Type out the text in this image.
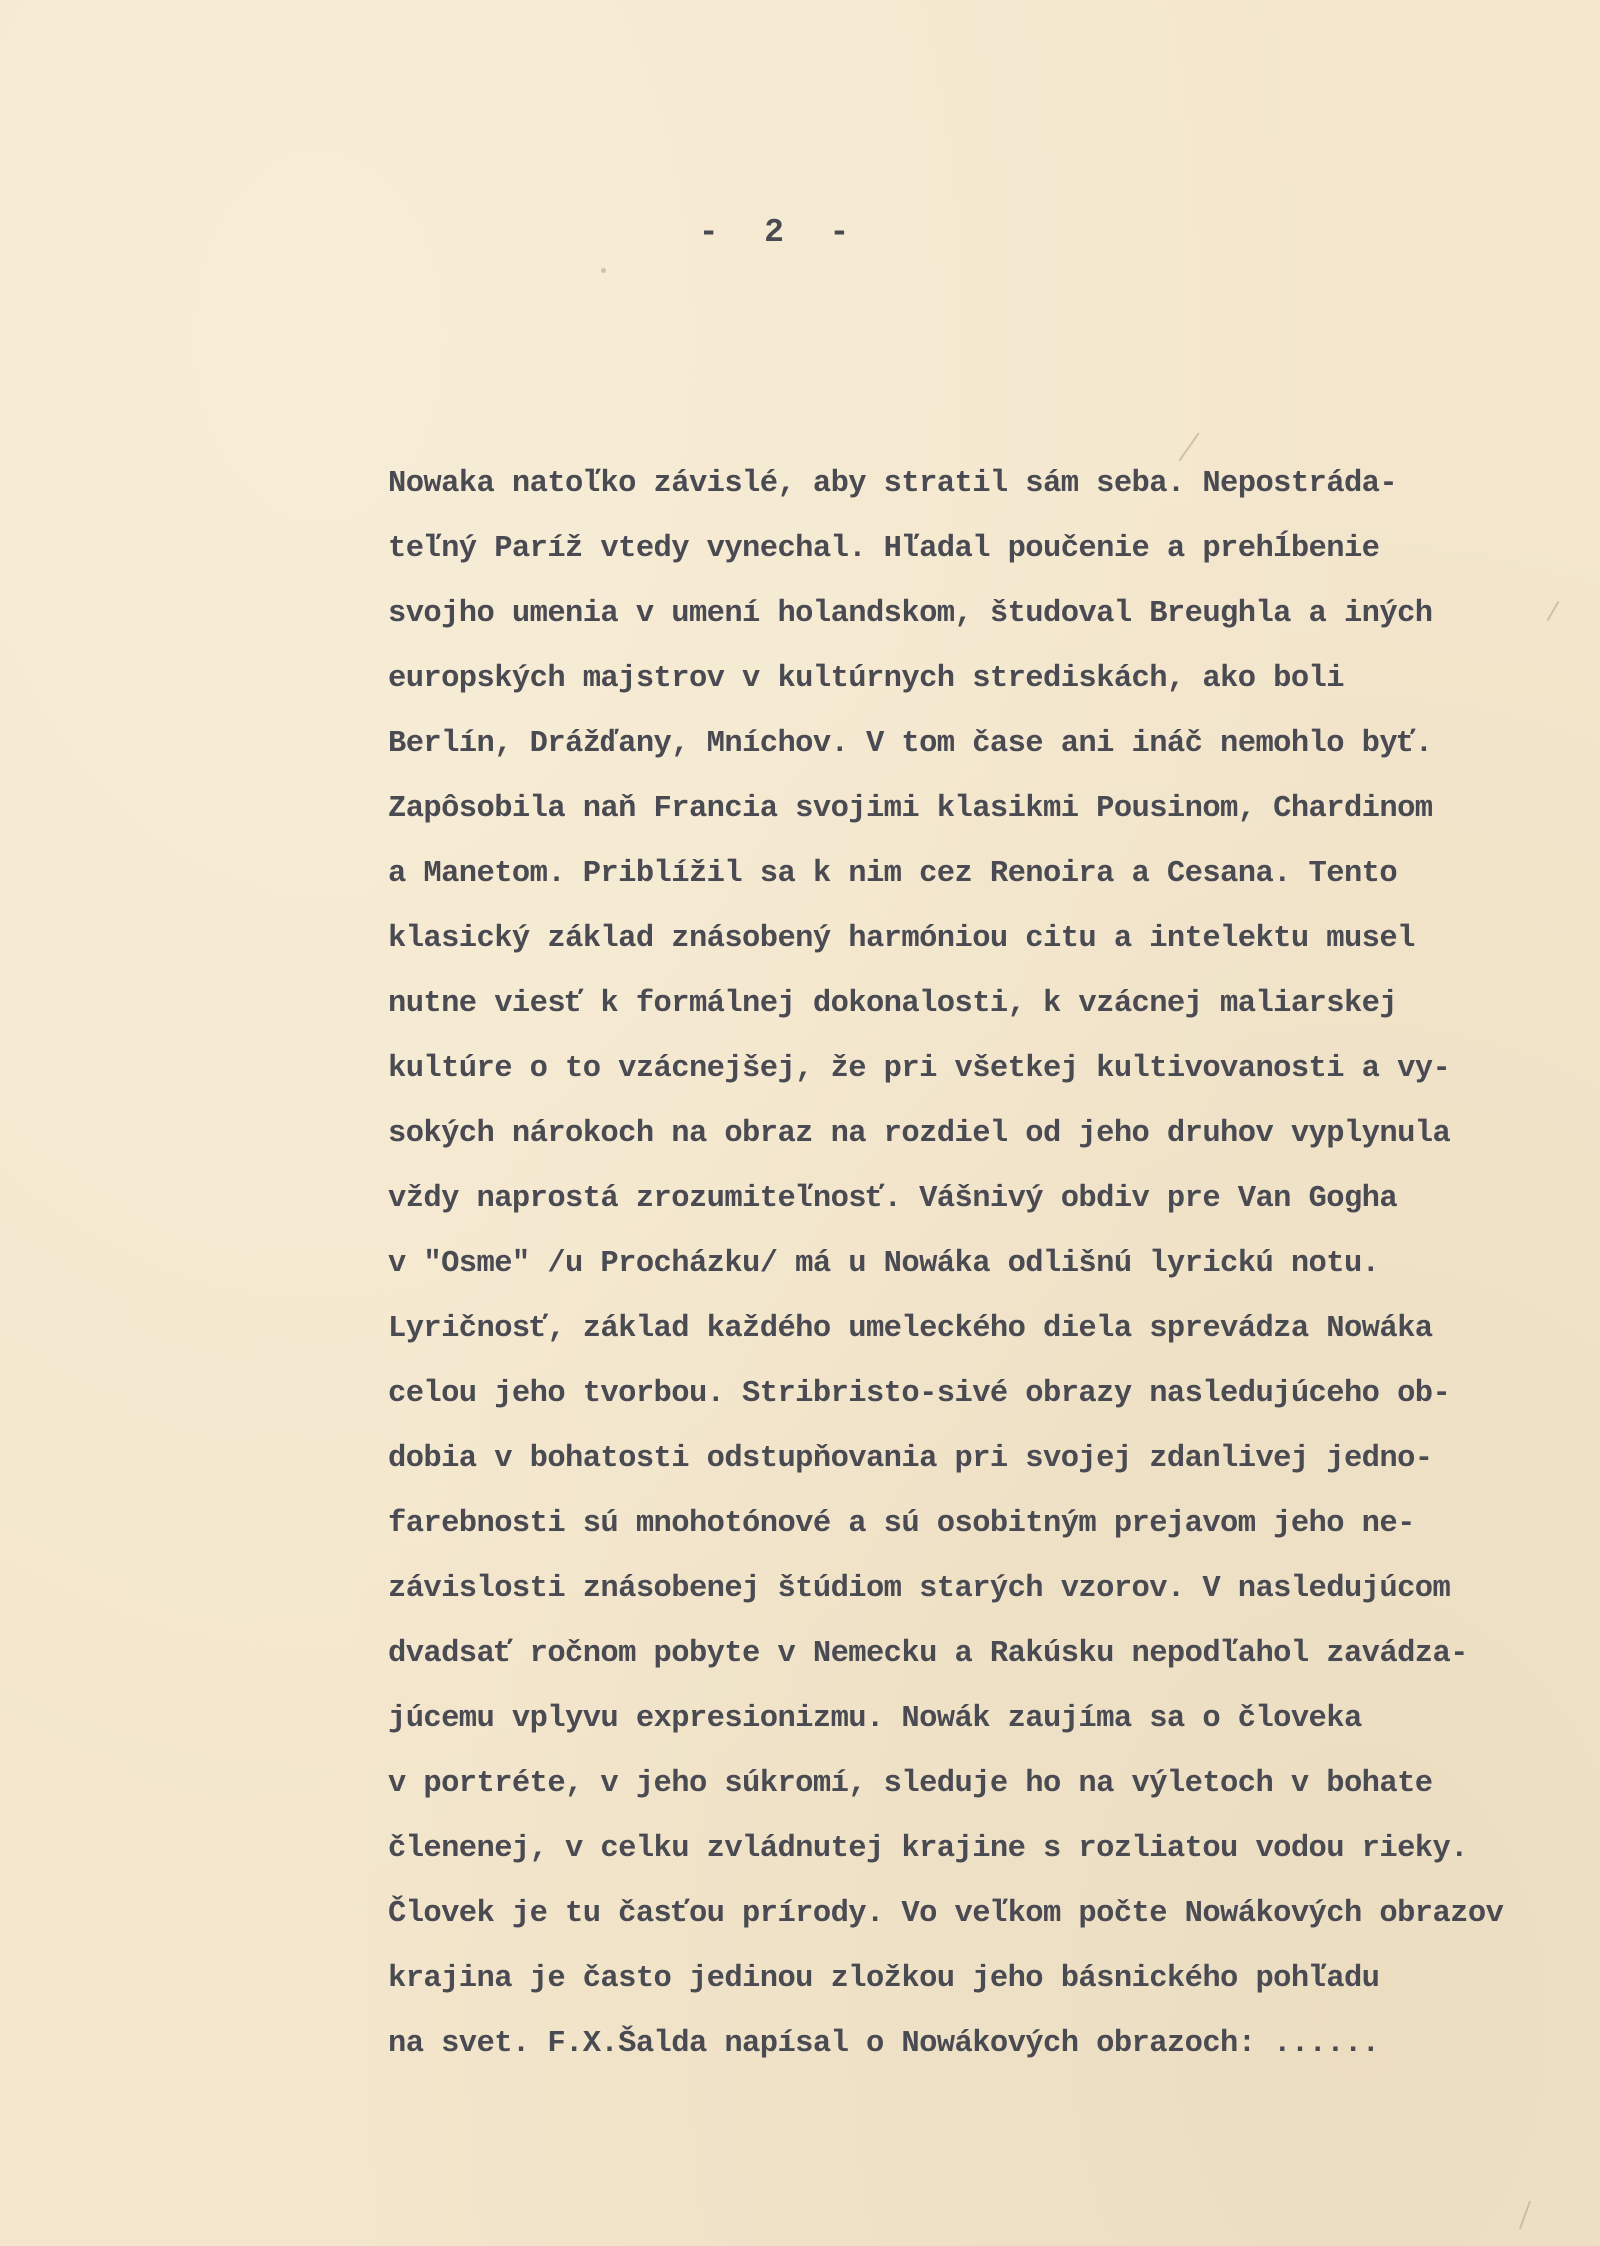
-  2  -
Nowaka natoľko závislé, aby stratil sám seba. Nepostráda-
teľný Paríž vtedy vynechal. Hľadal poučenie a prehĺbenie
svojho umenia v umení holandskom, študoval Breughla a iných
europských majstrov v kultúrnych strediskách, ako boli
Berlín, Drážďany, Mníchov. V tom čase ani ináč nemohlo byť.
Zapôsobila naň Francia svojimi klasikmi Pousinom, Chardinom
a Manetom. Priblížil sa k nim cez Renoira a Cesana. Tento
klasický základ znásobený harmóniou citu a intelektu musel
nutne viesť k formálnej dokonalosti, k vzácnej maliarskej
kultúre o to vzácnejšej, že pri všetkej kultivovanosti a vy-
sokých nárokoch na obraz na rozdiel od jeho druhov vyplynula
vždy naprostá zrozumiteľnosť. Vášnivý obdiv pre Van Gogha
v "Osme" /u Procházku/ má u Nowáka odlišnú lyrickú notu.
Lyričnosť, základ každého umeleckého diela sprevádza Nowáka
celou jeho tvorbou. Stribristo-sivé obrazy nasledujúceho ob-
dobia v bohatosti odstupňovania pri svojej zdanlivej jedno-
farebnosti sú mnohotónové a sú osobitným prejavom jeho ne-
závislosti znásobenej štúdiom starých vzorov. V nasledujúcom
dvadsať ročnom pobyte v Nemecku a Rakúsku nepodľahol zavádza-
júcemu vplyvu expresionizmu. Nowák zaujíma sa o človeka
v portréte, v jeho súkromí, sleduje ho na výletoch v bohate
členenej, v celku zvládnutej krajine s rozliatou vodou rieky.
Človek je tu časťou prírody. Vo veľkom počte Nowákových obrazov
krajina je často jedinou zložkou jeho básnického pohľadu
na svet. F.X.Šalda napísal o Nowákových obrazoch: ......
